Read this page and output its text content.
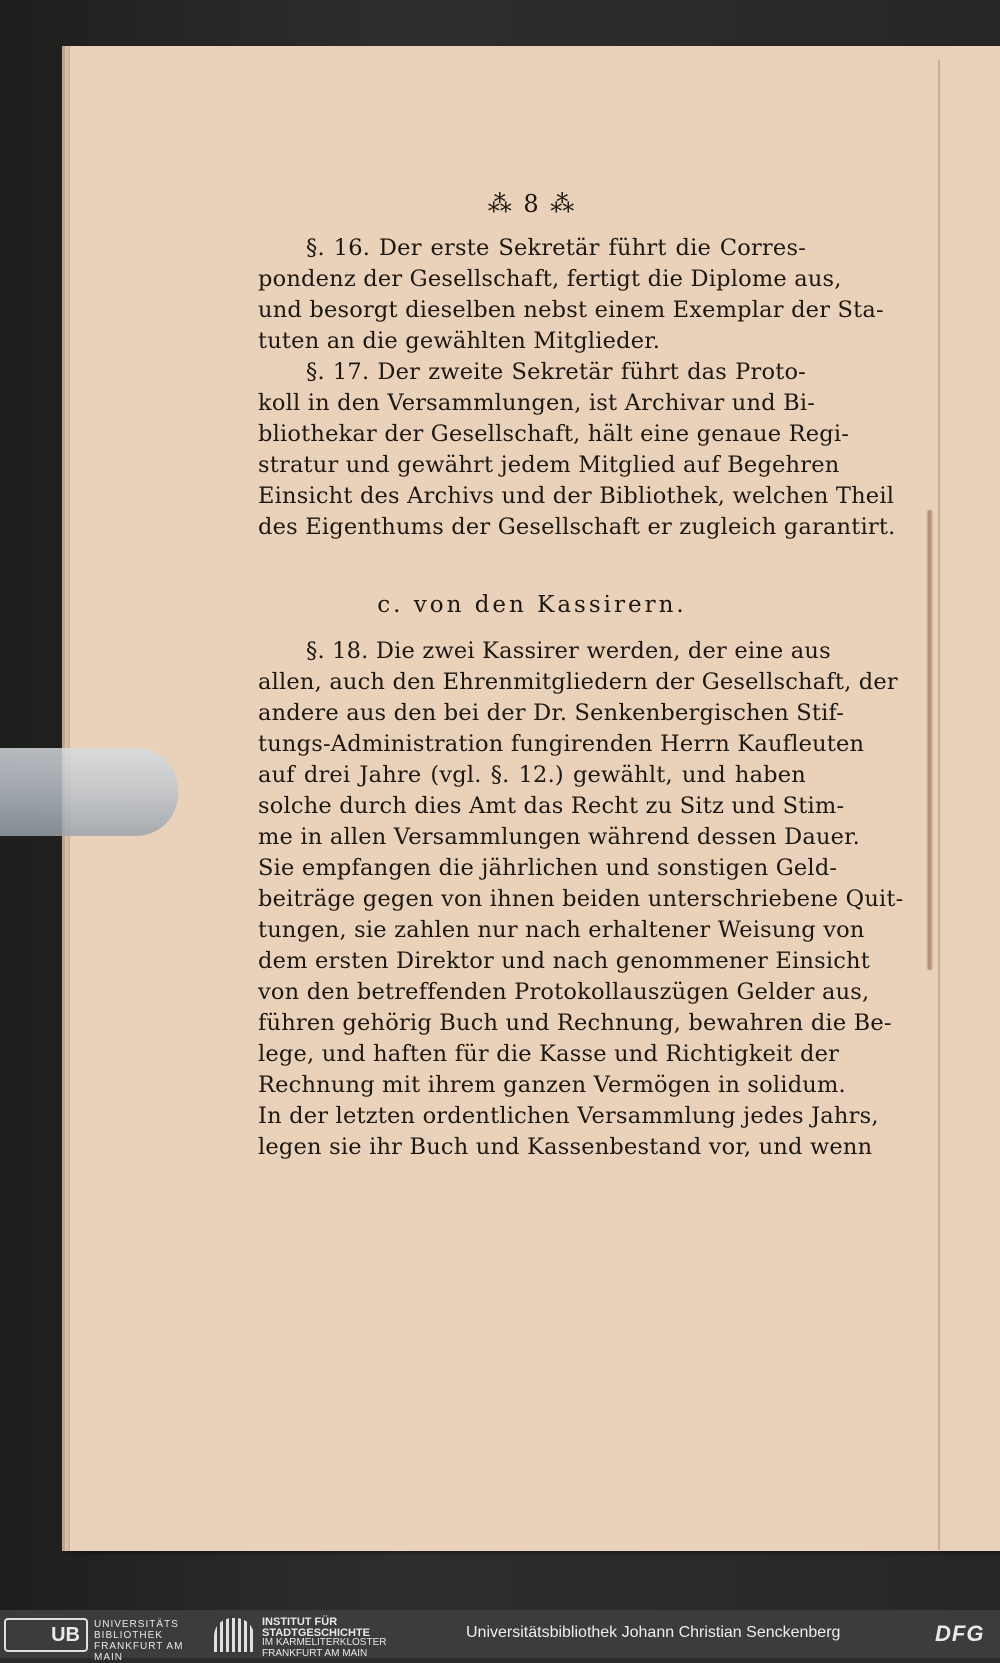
⁂ 8 ⁂
§. 16. Der erste Sekretär führt die Corres-
pondenz der Gesellschaft, fertigt die Diplome aus,
und besorgt dieselben nebst einem Exemplar der Sta-
tuten an die gewählten Mitglieder.
§. 17. Der zweite Sekretär führt das Proto-
koll in den Versammlungen, ist Archivar und Bi-
bliothekar der Gesellschaft, hält eine genaue Regi-
stratur und gewährt jedem Mitglied auf Begehren
Einsicht des Archivs und der Bibliothek, welchen Theil
des Eigenthums der Gesellschaft er zugleich garantirt.
c. von den Kassirern.
§. 18. Die zwei Kassirer werden, der eine aus
allen, auch den Ehrenmitgliedern der Gesellschaft, der
andere aus den bei der Dr. Senkenbergischen Stif-
tungs-Administration fungirenden Herrn Kaufleuten
auf drei Jahre (vgl. §. 12.) gewählt, und haben
solche durch dies Amt das Recht zu Sitz und Stim-
me in allen Versammlungen während dessen Dauer.
Sie empfangen die jährlichen und sonstigen Geld-
beiträge gegen von ihnen beiden unterschriebene Quit-
tungen, sie zahlen nur nach erhaltener Weisung von
dem ersten Direktor und nach genommener Einsicht
von den betreffenden Protokollauszügen Gelder aus,
führen gehörig Buch und Rechnung, bewahren die Be-
lege, und haften für die Kasse und Richtigkeit der
Rechnung mit ihrem ganzen Vermögen in solidum.
In der letzten ordentlichen Versammlung jedes Jahrs,
legen sie ihr Buch und Kassenbestand vor, und wenn
UB	UNIVERSITÄTS
BIBLIOTHEK
FRANKFURT AM MAIN
INSTITUT FÜR
STADTGESCHICHTE
IM KARMELITERKLOSTER
FRANKFURT AM MAIN
Universitätsbibliothek Johann Christian Senckenberg	DFG
